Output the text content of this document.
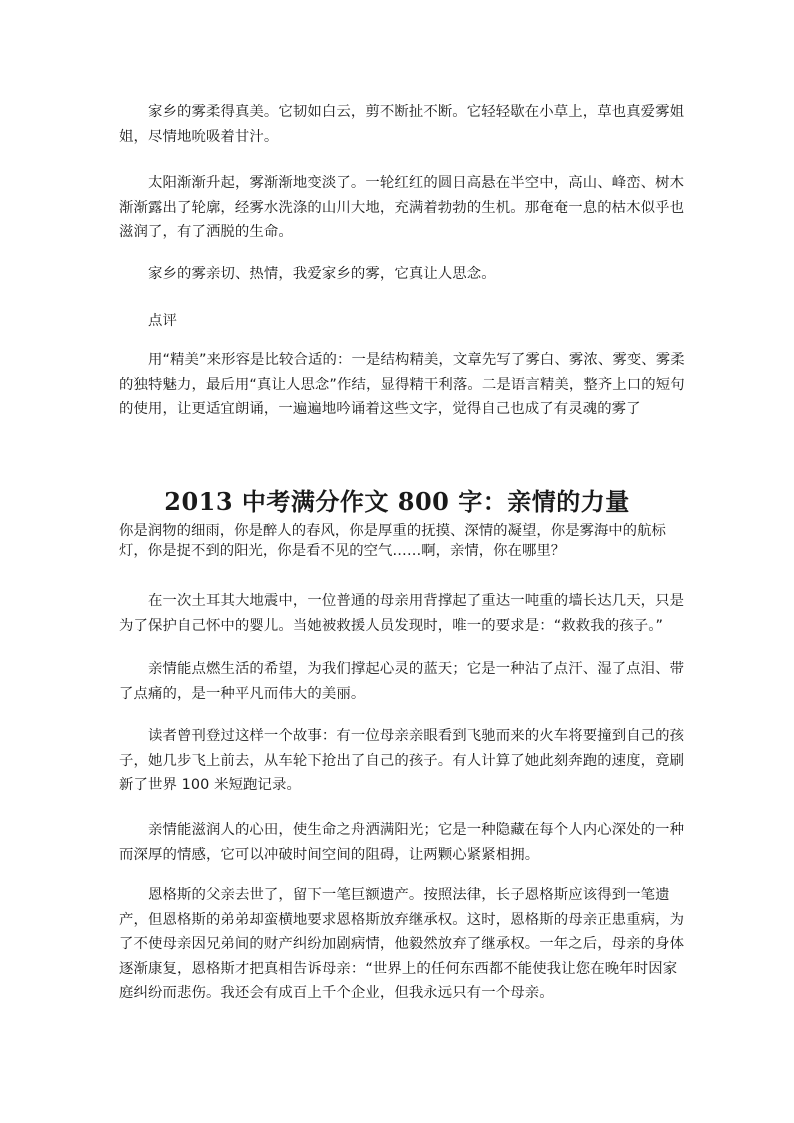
家乡的雾柔得真美。它韧如白云，剪不断扯不断。它轻轻歇在小草上，草也真爱雾姐姐，尽情地吮吸着甘汁。

太阳渐渐升起，雾渐渐地变淡了。一轮红红的圆日高悬在半空中，高山、峰峦、树木渐渐露出了轮廓，经雾水洗涤的山川大地，充满着勃勃的生机。那奄奄一息的枯木似乎也滋润了，有了洒脱的生命。

家乡的雾亲切、热情，我爱家乡的雾，它真让人思念。

点评

用“精美”来形容是比较合适的：一是结构精美，文章先写了雾白、雾浓、雾变、雾柔的独特魅力，最后用“真让人思念”作结，显得精干利落。二是语言精美，整齐上口的短句的使用，让更适宜朗诵，一遍遍地吟诵着这些文字，觉得自己也成了有灵魂的雾了

2013 中考满分作文 800 字：亲情的力量

你是润物的细雨，你是醉人的春风，你是厚重的抚摸、深情的凝望，你是雾海中的航标灯，你是捉不到的阳光，你是看不见的空气……啊，亲情，你在哪里？

在一次土耳其大地震中，一位普通的母亲用背撑起了重达一吨重的墙长达几天，只是为了保护自己怀中的婴儿。当她被救援人员发现时，唯一的要求是：“救救我的孩子。”

亲情能点燃生活的希望，为我们撑起心灵的蓝天；它是一种沾了点汗、湿了点泪、带了点痛的，是一种平凡而伟大的美丽。

读者曾刊登过这样一个故事：有一位母亲亲眼看到飞驰而来的火车将要撞到自己的孩子，她几步飞上前去，从车轮下抢出了自己的孩子。有人计算了她此刻奔跑的速度，竟刷新了世界 100 米短跑记录。

亲情能滋润人的心田，使生命之舟洒满阳光；它是一种隐藏在每个人内心深处的一种而深厚的情感，它可以冲破时间空间的阻碍，让两颗心紧紧相拥。

恩格斯的父亲去世了，留下一笔巨额遗产。按照法律，长子恩格斯应该得到一笔遗产，但恩格斯的弟弟却蛮横地要求恩格斯放弃继承权。这时，恩格斯的母亲正患重病，为了不使母亲因兄弟间的财产纠纷加剧病情，他毅然放弃了继承权。一年之后，母亲的身体逐渐康复，恩格斯才把真相告诉母亲：“世界上的任何东西都不能使我让您在晚年时因家庭纠纷而悲伤。我还会有成百上千个企业，但我永远只有一个母亲。
